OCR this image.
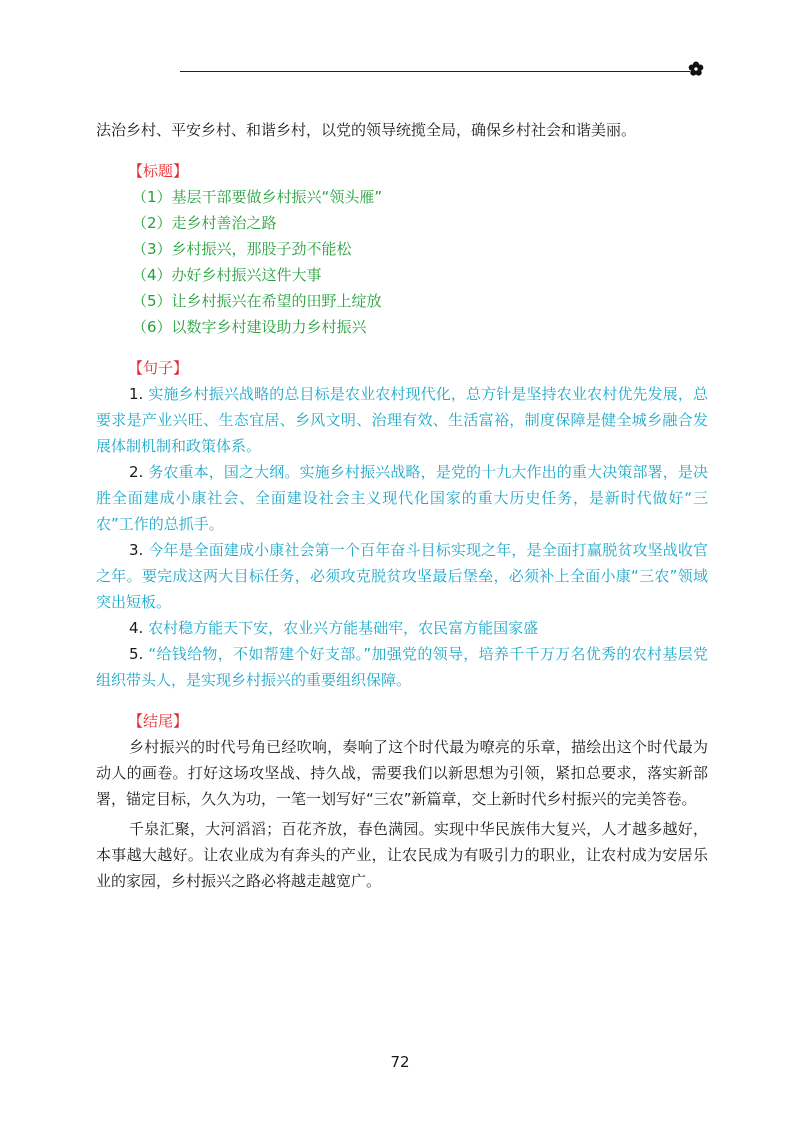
法治乡村、平安乡村、和谐乡村，以党的领导统揽全局，确保乡村社会和谐美丽。

【标题】

（1）基层干部要做乡村振兴“领头雁”
（2）走乡村善治之路
（3）乡村振兴，那股子劲不能松
（4）办好乡村振兴这件大事
（5）让乡村振兴在希望的田野上绽放
（6）以数字乡村建设助力乡村振兴

【句子】

1. 实施乡村振兴战略的总目标是农业农村现代化，总方针是坚持农业农村优先发展，总要求是产业兴旺、生态宜居、乡风文明、治理有效、生活富裕，制度保障是健全城乡融合发展体制机制和政策体系。

2. 务农重本，国之大纲。实施乡村振兴战略，是党的十九大作出的重大决策部署，是决胜全面建成小康社会、全面建设社会主义现代化国家的重大历史任务，是新时代做好“三农”工作的总抓手。

3. 今年是全面建成小康社会第一个百年奋斗目标实现之年，是全面打赢脱贫攻坚战收官之年。要完成这两大目标任务，必须攻克脱贫攻坚最后堡垒，必须补上全面小康“三农”领域突出短板。

4. 农村稳方能天下安，农业兴方能基础牢，农民富方能国家盛

5. “给钱给物，不如帮建个好支部。”加强党的领导，培养千千万万名优秀的农村基层党组织带头人，是实现乡村振兴的重要组织保障。

【结尾】

乡村振兴的时代号角已经吹响，奏响了这个时代最为嘹亮的乐章，描绘出这个时代最为动人的画卷。打好这场攻坚战、持久战，需要我们以新思想为引领，紧扣总要求，落实新部署，锚定目标，久久为功，一笔一划写好“三农”新篇章，交上新时代乡村振兴的完美答卷。

千泉汇聚，大河滔滔；百花齐放，春色满园。实现中华民族伟大复兴，人才越多越好，本事越大越好。让农业成为有奔头的产业，让农民成为有吸引力的职业，让农村成为安居乐业的家园，乡村振兴之路必将越走越宽广。

72
